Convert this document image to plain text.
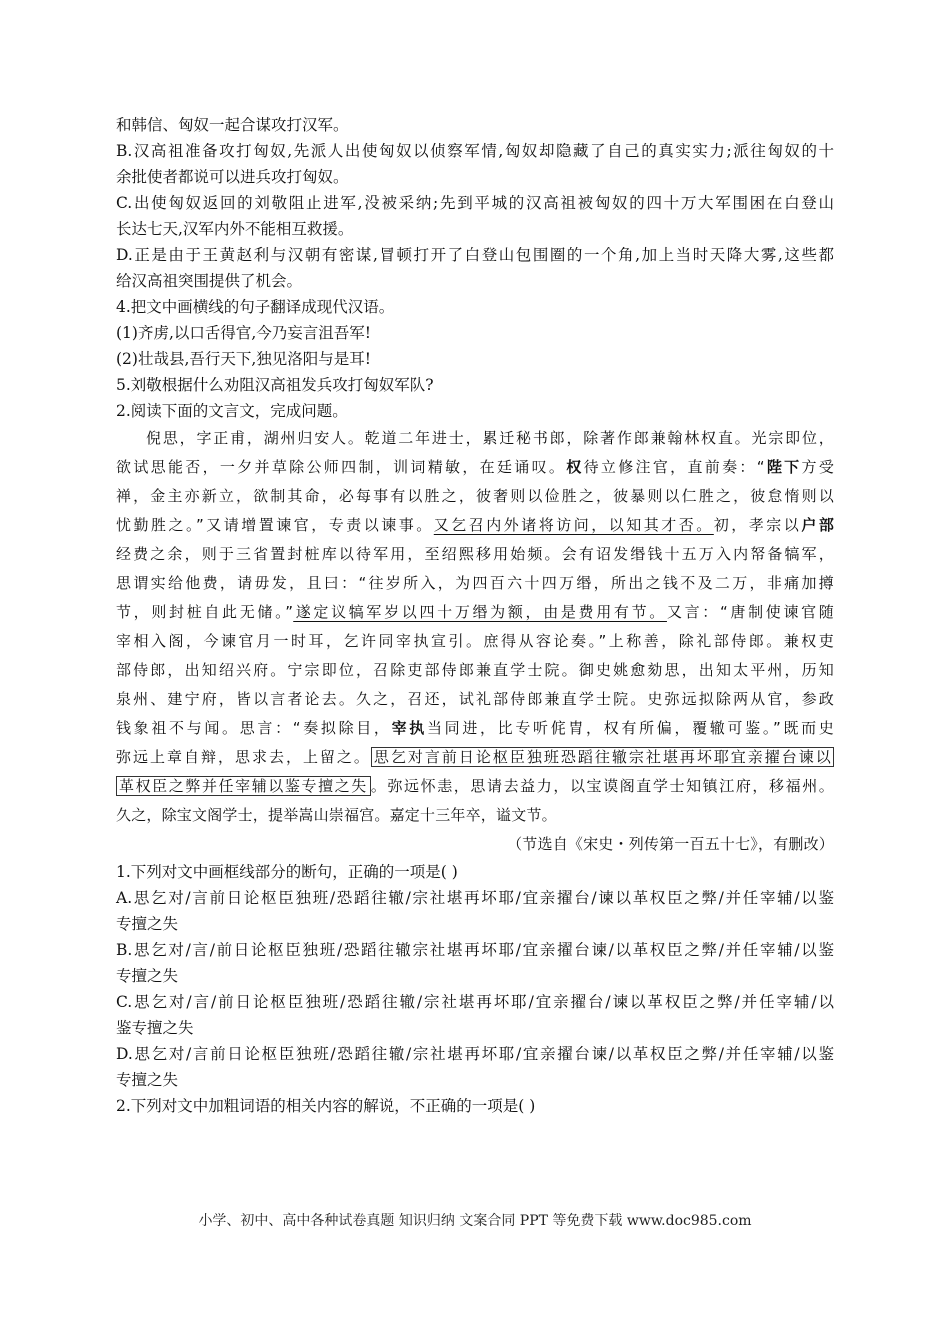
和韩信、匈奴一起合谋攻打汉军。
B.汉高祖准备攻打匈奴,先派人出使匈奴以侦察军情,匈奴却隐藏了自己的真实实力;派往匈奴的十
余批使者都说可以进兵攻打匈奴。
C.出使匈奴返回的刘敬阻止进军,没被采纳;先到平城的汉高祖被匈奴的四十万大军围困在白登山
长达七天,汉军内外不能相互救援。
D.正是由于王黄赵利与汉朝有密谋,冒顿打开了白登山包围圈的一个角,加上当时天降大雾,这些都
给汉高祖突围提供了机会。
4.把文中画横线的句子翻译成现代汉语。
(1)齐虏,以口舌得官,今乃妄言沮吾军!
(2)壮哉县,吾行天下,独见洛阳与是耳!
5.刘敬根据什么劝阻汉高祖发兵攻打匈奴军队?
2.阅读下面的文言文，完成问题。
倪思，字正甫，湖州归安人。乾道二年进士，累迁秘书郎，除著作郎兼翰林权直。光宗即位，
欲试思能否，一夕并草除公师四制，训词精敏，在廷诵叹。权待立修注官，直前奏：“陛下方受
禅，金主亦新立，欲制其命，必每事有以胜之，彼奢则以俭胜之，彼暴则以仁胜之，彼怠惰则以
忧勤胜之。”又请增置谏官，专责以谏事。又乞召内外诸将访问，以知其才否。初，孝宗以户部
经费之余，则于三省置封桩库以待军用，至绍熙移用始频。会有诏发缗钱十五万入内帑备犒军，
思谓实给他费，请毋发，且曰：“往岁所入，为四百六十四万缗，所出之钱不及二万，非痛加撙
节，则封桩自此无储。”遂定议犒军岁以四十万缗为额，由是费用有节。又言：“唐制使谏官随
宰相入阁，今谏官月一时耳，乞许同宰执宣引。庶得从容论奏。”上称善，除礼部侍郎。兼权吏
部侍郎，出知绍兴府。宁宗即位，召除吏部侍郎兼直学士院。御史姚愈劾思，出知太平州，历知
泉州、建宁府，皆以言者论去。久之，召还，试礼部侍郎兼直学士院。史弥远拟除两从官，参政
钱象祖不与闻。思言：“奏拟除目，宰执当同进，比专听侂胄，权有所偏，覆辙可鉴。”既而史
弥远上章自辩，思求去，上留之。 思乞对言前日论枢臣独班恐蹈往辙宗社堪再坏耶宜亲擢台谏以
革权臣之弊并任宰辅以鉴专擅之失 。弥远怀恚，思请去益力，以宝谟阁直学士知镇江府，移福州。
久之，除宝文阁学士，提举嵩山崇福宫。嘉定十三年卒，谥文节。
（节选自《宋史・列传第一百五十七》，有删改）
1.下列对文中画框线部分的断句，正确的一项是( )
A.思乞对/言前日论枢臣独班/恐蹈往辙/宗社堪再坏耶/宜亲擢台/谏以革权臣之弊/并任宰辅/以鉴
专擅之失
B.思乞对/言/前日论枢臣独班/恐蹈往辙宗社堪再坏耶/宜亲擢台谏/以革权臣之弊/并任宰辅/以鉴
专擅之失
C.思乞对/言/前日论枢臣独班/恐蹈往辙/宗社堪再坏耶/宜亲擢台/谏以革权臣之弊/并任宰辅/以
鉴专擅之失
D.思乞对/言前日论枢臣独班/恐蹈往辙/宗社堪再坏耶/宜亲擢台谏/以革权臣之弊/并任宰辅/以鉴
专擅之失
2.下列对文中加粗词语的相关内容的解说，不正确的一项是( )
小学、初中、高中各种试卷真题 知识归纳 文案合同 PPT 等免费下载 www.doc985.com
